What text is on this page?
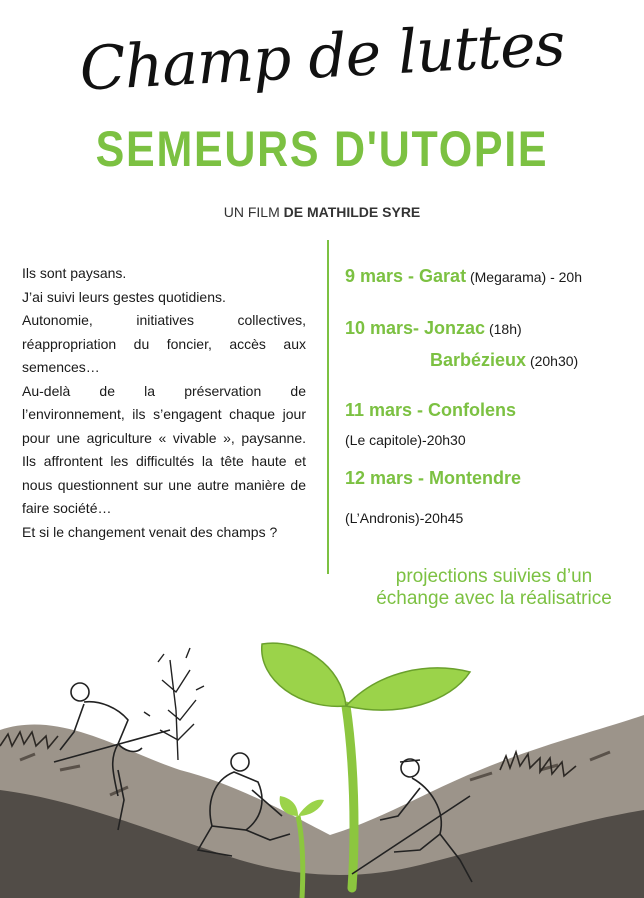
Champ de luttes
SEMEURS D'UTOPIE
UN FILM DE MATHILDE SYRE

Ils sont paysans.

J’ai suivi leurs gestes quotidiens.

Autonomie, initiatives collectives, réappropriation du foncier, accès aux semences…

Au-delà de la préservation de l’environnement, ils s’engagent chaque jour pour une agriculture « vivable », paysanne. Ils affrontent les difficultés la tête haute et nous questionnent sur une autre manière de faire société…

Et si le changement venait des champs ?

9 mars - Garat (Megarama) - 20h
10 mars- Jonzac (18h)
Barbézieux (20h30)
11 mars - Confolens
(Le capitole)-20h30
12 mars - Montendre
(L’Andronis)-20h45
projections suivies d’un
échange avec la réalisatrice
